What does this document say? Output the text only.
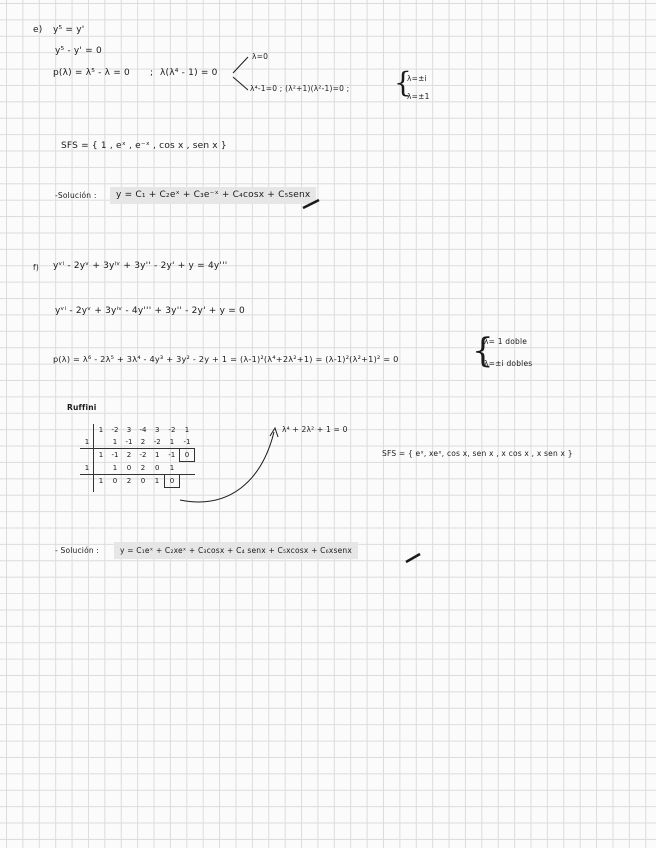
e) y⁵ = y'
y⁵ - y' = 0
p(λ) = λ⁵ - λ = 0 ; λ(λ⁴ - 1) = 0
λ=0
λ⁴-1=0 ; (λ²+1)(λ²-1)=0 ; {
λ=±i
λ=±1
SFS = { 1 , eˣ , e⁻ˣ , cos x , sen x }
-Solución :	y = C₁ + C₂eˣ + C₃e⁻ˣ + C₄cosx + C₅senx
f) yᵛⁱ - 2yᵛ + 3yⁱᵛ + 3y'' - 2y' + y = 4y'''
yᵛⁱ - 2yᵛ + 3yⁱᵛ - 4y''' + 3y'' - 2y' + y = 0
p(λ) = λ⁶ - 2λ⁵ + 3λ⁴ - 4y³ + 3y² - 2y + 1 = (λ-1)²(λ⁴+2λ²+1) = (λ-1)²(λ²+1)² = 0 {
λ= 1 doble
λ=±i dobles
Ruffini
	1	-2	3	-4	3	-2	1
1		1	-1	2	-2	1	-1
	1	-1	2	-2	1	-1	0
1		1	0	2	0	1	
	1	0	2	0	1	0	
λ⁴ + 2λ² + 1 = 0
SFS = { eˣ, xeˣ, cos x, sen x , x cos x , x sen x }
- Solución :	y = C₁eˣ + C₂xeˣ + C₃cosx + C₄ senx + C₅xcosx + C₆xsenx
